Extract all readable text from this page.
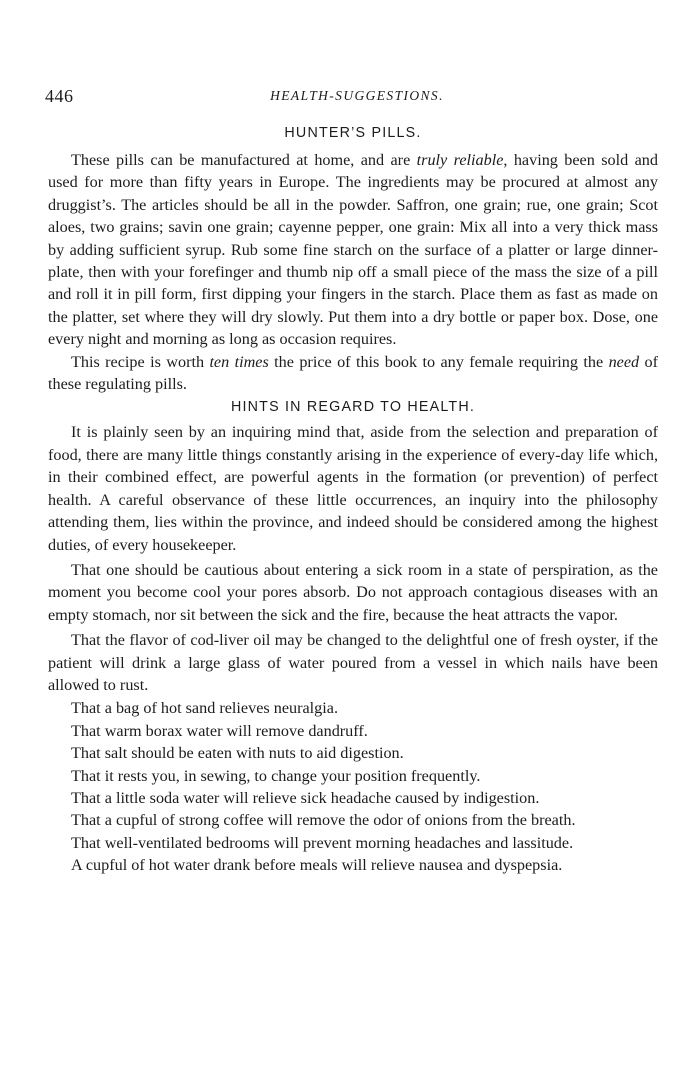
446	HEALTH-SUGGESTIONS.
HUNTER’S PILLS.

These pills can be manufactured at home, and are truly reliable, having been sold and used for more than fifty years in Europe. The ingredients may be procured at almost any druggist’s. The articles should be all in the powder. Saffron, one grain; rue, one grain; Scot aloes, two grains; savin one grain; cayenne pepper, one grain: Mix all into a very thick mass by adding sufficient syrup. Rub some fine starch on the surface of a platter or large dinner-plate, then with your forefinger and thumb nip off a small piece of the mass the size of a pill and roll it in pill form, first dipping your fingers in the starch. Place them as fast as made on the platter, set where they will dry slowly. Put them into a dry bottle or paper box. Dose, one every night and morning as long as occasion requires.

This recipe is worth ten times the price of this book to any female requiring the need of these regulating pills.

HINTS IN REGARD TO HEALTH.

It is plainly seen by an inquiring mind that, aside from the selection and preparation of food, there are many little things constantly arising in the experience of every-day life which, in their combined effect, are powerful agents in the formation (or prevention) of perfect health. A careful observance of these little occurrences, an inquiry into the philosophy attending them, lies within the province, and indeed should be considered among the highest duties, of every housekeeper.

That one should be cautious about entering a sick room in a state of perspiration, as the moment you become cool your pores absorb. Do not approach contagious diseases with an empty stomach, nor sit between the sick and the fire, because the heat attracts the vapor.

That the flavor of cod-liver oil may be changed to the delightful one of fresh oyster, if the patient will drink a large glass of water poured from a vessel in which nails have been allowed to rust.

That a bag of hot sand relieves neuralgia.
That warm borax water will remove dandruff.
That salt should be eaten with nuts to aid digestion.
That it rests you, in sewing, to change your position frequently.
That a little soda water will relieve sick headache caused by indigestion.
That a cupful of strong coffee will remove the odor of onions from the breath.
That well-ventilated bedrooms will prevent morning headaches and lassitude.
A cupful of hot water drank before meals will relieve nausea and dyspepsia.
